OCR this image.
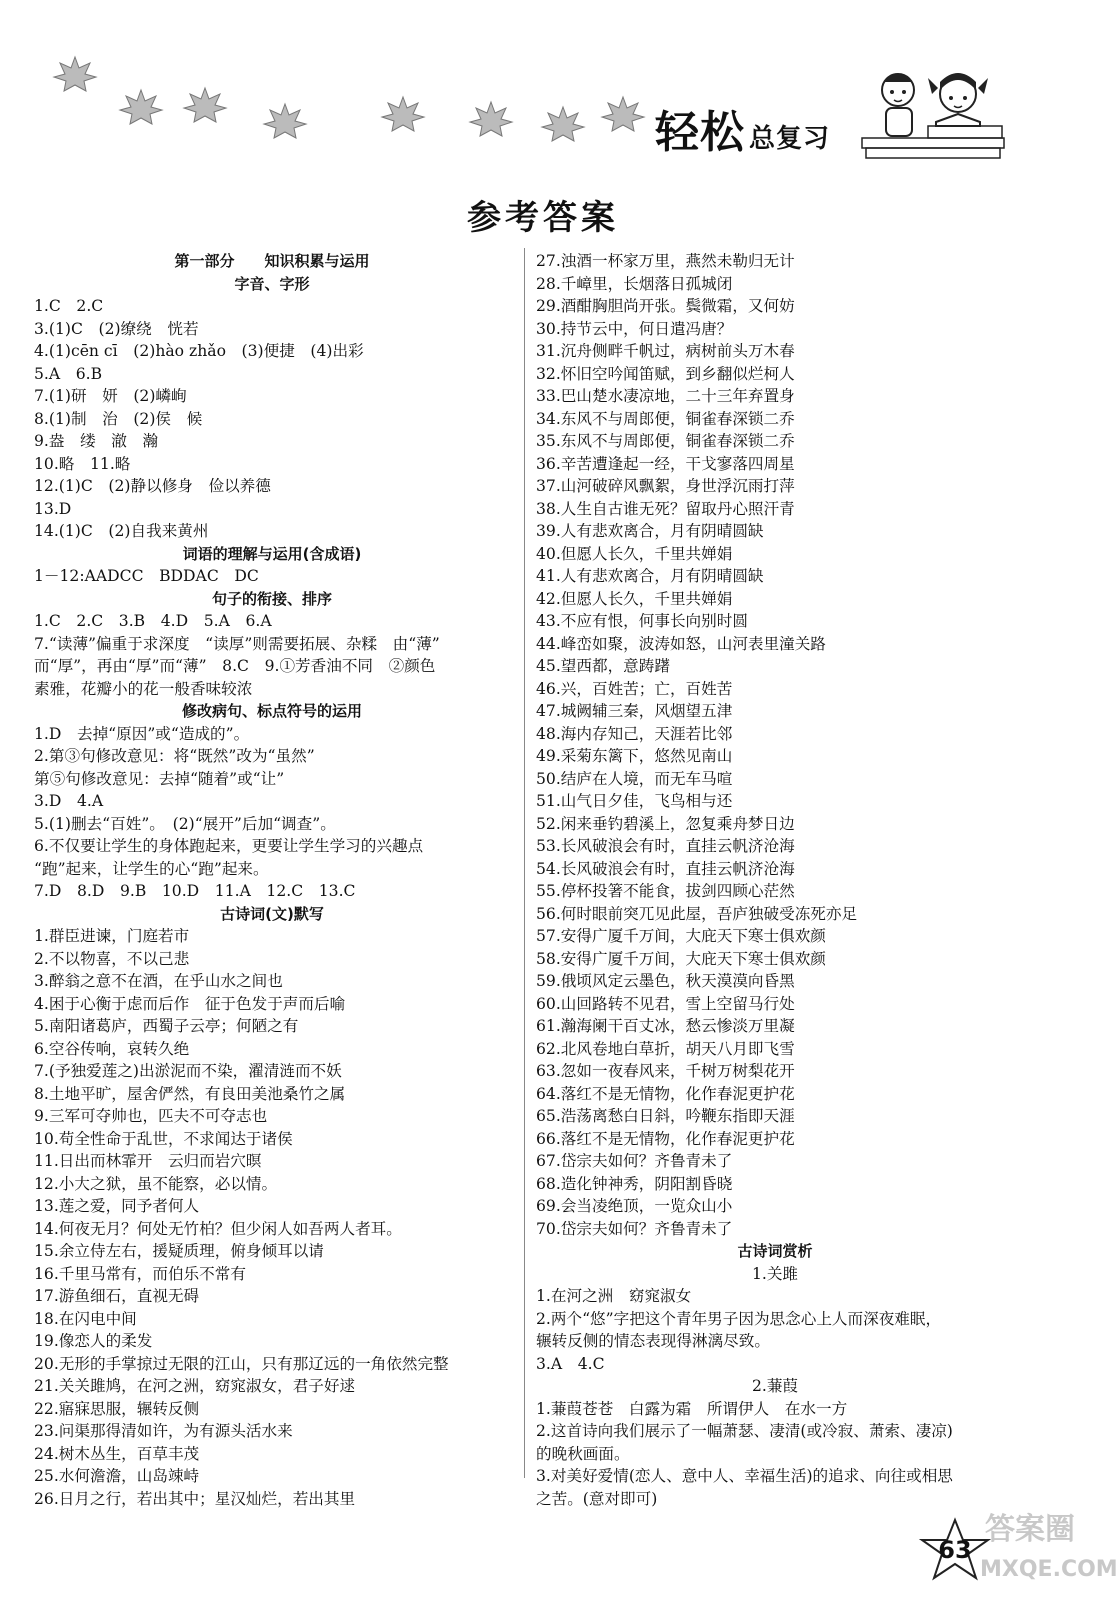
轻松 总复习
参考答案
第一部分　　知识积累与运用
字音、字形
1.C　2.C
3.(1)C　(2)缭绕　恍若
4.(1)cēn cī　(2)hào zhǎo　(3)便捷　(4)出彩
5.A　6.B
7.(1)研　妍　(2)嶙峋
8.(1)制　治　(2)侯　候
9.盎　缕　澈　瀚
10.略　11.略
12.(1)C　(2)静以修身　俭以养德
13.D
14.(1)C　(2)自我来黄州
词语的理解与运用(含成语)
1－12:AADCC　BDDAC　DC
句子的衔接、排序
1.C　2.C　3.B　4.D　5.A　6.A
7.“读薄”偏重于求深度　“读厚”则需要拓展、杂糅　由“薄”
而“厚”，再由“厚”而“薄”　8.C　9.①芳香油不同　②颜色
素雅，花瓣小的花一般香味较浓
修改病句、标点符号的运用
1.D　去掉“原因”或“造成的”。
2.第③句修改意见：将“既然”改为“虽然”
第⑤句修改意见：去掉“随着”或“让”
3.D　4.A
5.(1)删去“百姓”。　(2)“展开”后加“调查”。
6.不仅要让学生的身体跑起来，更要让学生学习的兴趣点
“跑”起来，让学生的心“跑”起来。
7.D　8.D　9.B　10.D　11.A　12.C　13.C
古诗词(文)默写
1.群臣进谏，门庭若市
2.不以物喜，不以己悲
3.醉翁之意不在酒，在乎山水之间也
4.困于心衡于虑而后作　征于色发于声而后喻
5.南阳诸葛庐，西蜀子云亭；何陋之有
6.空谷传响，哀转久绝
7.(予独爱莲之)出淤泥而不染，濯清涟而不妖
8.土地平旷，屋舍俨然，有良田美池桑竹之属
9.三军可夺帅也，匹夫不可夺志也
10.苟全性命于乱世，不求闻达于诸侯
11.日出而林霏开　云归而岩穴暝
12.小大之狱，虽不能察，必以情。
13.莲之爱，同予者何人
14.何夜无月？何处无竹柏？但少闲人如吾两人者耳。
15.余立侍左右，援疑质理，俯身倾耳以请
16.千里马常有，而伯乐不常有
17.游鱼细石，直视无碍
18.在闪电中间
19.像恋人的柔发
20.无形的手掌掠过无限的江山，只有那辽远的一角依然完整
21.关关雎鸠，在河之洲，窈窕淑女，君子好逑
22.寤寐思服，辗转反侧
23.问渠那得清如许，为有源头活水来
24.树木丛生，百草丰茂
25.水何澹澹，山岛竦峙
26.日月之行，若出其中；星汉灿烂，若出其里
27.浊酒一杯家万里，燕然未勒归无计
28.千嶂里，长烟落日孤城闭
29.酒酣胸胆尚开张。鬓微霜，又何妨
30.持节云中，何日遣冯唐？
31.沉舟侧畔千帆过，病树前头万木春
32.怀旧空吟闻笛赋，到乡翻似烂柯人
33.巴山楚水凄凉地，二十三年弃置身
34.东风不与周郎便，铜雀春深锁二乔
35.东风不与周郎便，铜雀春深锁二乔
36.辛苦遭逢起一经，干戈寥落四周星
37.山河破碎风飘絮，身世浮沉雨打萍
38.人生自古谁无死？留取丹心照汗青
39.人有悲欢离合，月有阴晴圆缺
40.但愿人长久，千里共婵娟
41.人有悲欢离合，月有阴晴圆缺
42.但愿人长久，千里共婵娟
43.不应有恨，何事长向别时圆
44.峰峦如聚，波涛如怒，山河表里潼关路
45.望西都，意踌躇
46.兴，百姓苦；亡，百姓苦
47.城阙辅三秦，风烟望五津
48.海内存知己，天涯若比邻
49.采菊东篱下，悠然见南山
50.结庐在人境，而无车马喧
51.山气日夕佳，飞鸟相与还
52.闲来垂钓碧溪上，忽复乘舟梦日边
53.长风破浪会有时，直挂云帆济沧海
54.长风破浪会有时，直挂云帆济沧海
55.停杯投箸不能食，拔剑四顾心茫然
56.何时眼前突兀见此屋，吾庐独破受冻死亦足
57.安得广厦千万间，大庇天下寒士俱欢颜
58.安得广厦千万间，大庇天下寒士俱欢颜
59.俄顷风定云墨色，秋天漠漠向昏黑
60.山回路转不见君，雪上空留马行处
61.瀚海阑干百丈冰，愁云惨淡万里凝
62.北风卷地白草折，胡天八月即飞雪
63.忽如一夜春风来，千树万树梨花开
64.落红不是无情物，化作春泥更护花
65.浩荡离愁白日斜，吟鞭东指即天涯
66.落红不是无情物，化作春泥更护花
67.岱宗夫如何？齐鲁青未了
68.造化钟神秀，阴阳割昏晓
69.会当凌绝顶，一览众山小
70.岱宗夫如何？齐鲁青未了
古诗词赏析
1.关雎
1.在河之洲　窈窕淑女
2.两个“悠”字把这个青年男子因为思念心上人而深夜难眠，
辗转反侧的情态表现得淋漓尽致。
3.A　4.C
2.蒹葭
1.蒹葭苍苍　白露为霜　所谓伊人　在水一方
2.这首诗向我们展示了一幅萧瑟、凄清(或冷寂、萧索、凄凉)
的晚秋画面。
3.对美好爱情(恋人、意中人、幸福生活)的追求、向往或相思
之苦。(意对即可)
63
答案圈
MXQE.COM
